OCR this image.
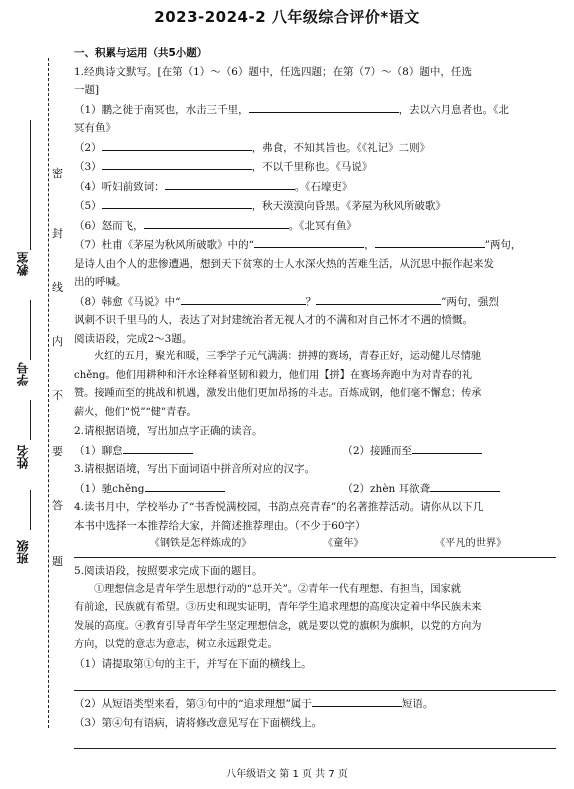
2023-2024-2 八年级综合评价*语文
密
封
线
内
不
要
答
题
教室
学号
姓名
班级
一、积累与运用（共5小题）
1.经典诗文默写。[在第（1）～（6）题中，任选四题；在第（7）～（8）题中，任选
一题]
（1）鹏之徙于南冥也，水击三千里，	，去以六月息者也。《北
冥有鱼》
（2）	，弗食，不知其旨也。《《礼记》二则》
（3）	，不以千里称也。《马说》
（4）听妇前致词：	。《石壕吏》
（5）	，秋天漠漠向昏黑。《茅屋为秋风所破歌》
（6）怒而飞，	。《北冥有鱼》
（7）杜甫《茅屋为秋风所破歌》中的“	，	”两句，
是诗人由个人的悲惨遭遇，想到天下贫寒的士人水深火热的苦难生活，从沉思中振作起来发
出的呼喊。
（8）韩愈《马说》中“	？	”两句，强烈
讽刺不识千里马的人，表达了对封建统治者无视人才的不满和对自己怀才不遇的愤慨。
阅读语段，完成2～3题。
火红的五月，聚光和暖，三季学子元气满满：拼搏的赛场，青春正好，运动健儿尽情驰
chěng。他们用耕种和汗水诠释着坚韧和毅力，他们用【拼】在赛场奔跑中为对青春的礼
赞。接踵而至的挑战和机遇，激发出他们更加昂扬的斗志。百炼成钢，他们毫不懈怠；传承
薪火，他们“悦”“健”青春。
2.请根据语境，写出加点字正确的读音。
（1）聊怠	（2）接踵而至
3.请根据语境，写出下面词语中拼音所对应的汉字。
（1）驰chěng	（2）zhèn 耳欲聋
4.读书月中，学校举办了“书香悦满校园，书韵点亮青春”的名著推荐活动。请你从以下几
本书中选择一本推荐给大家，并简述推荐理由。（不少于60字）
《钢铁是怎样炼成的》	《童年》	《平凡的世界》
5.阅读语段，按照要求完成下面的题目。
①理想信念是青年学生思想行动的“总开关”。②青年一代有理想、有担当，国家就
有前途，民族就有希望。③历史和现实证明，青年学生追求理想的高度决定着中华民族未来
发展的高度。④教育引导青年学生坚定理想信念，就是要以党的旗帜为旗帜，以党的方向为
方向，以党的意志为意志，树立永远跟党走。
（1）请提取第①句的主干，并写在下面的横线上。
（2）从短语类型来看，第③句中的“追求理想”属于	短语。
（3）第④句有语病，请将修改意见写在下面横线上。
八年级语文 第 1 页 共 7 页
